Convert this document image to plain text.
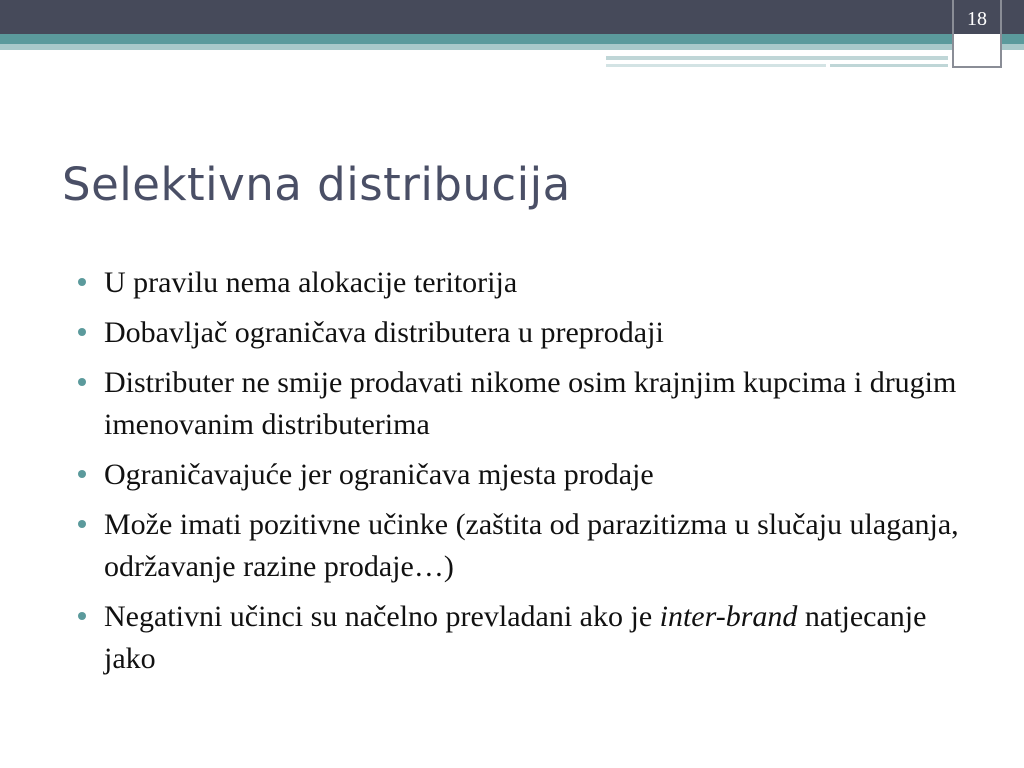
18
Selektivna distribucija
U pravilu nema alokacije teritorija
Dobavljač ograničava distributera u preprodaji
Distributer ne smije prodavati nikome osim krajnjim kupcima i drugim imenovanim distributerima
Ograničavajuće jer ograničava mjesta prodaje
Može imati pozitivne učinke (zaštita od parazitizma u slučaju ulaganja, održavanje razine prodaje…)
Negativni učinci su načelno prevladani ako je inter-brand natjecanje jako
